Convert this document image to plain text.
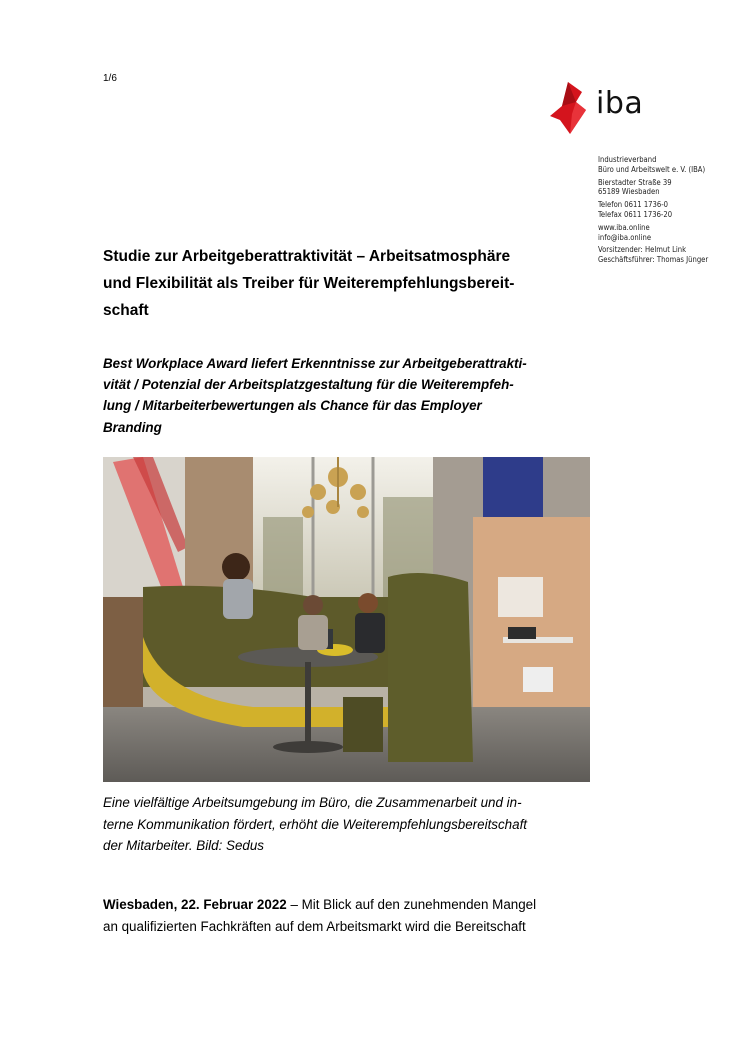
1/6
iba
Industrieverband
Büro und Arbeitswelt e. V. (IBA)
Bierstadter Straße 39
65189 Wiesbaden
Telefon 0611 1736-0
Telefax 0611 1736-20
www.iba.online
info@iba.online
Vorsitzender: Helmut Link
Geschäftsführer: Thomas Jünger
Studie zur Arbeitgeberattraktivität – Arbeitsatmosphäre
und Flexibilität als Treiber für Weiterempfehlungsbereit-
schaft

Best Workplace Award liefert Erkenntnisse zur Arbeitgeberattrakti-
vität / Potenzial der Arbeitsplatzgestaltung für die Weiterempfeh-
lung / Mitarbeiterbewertungen als Chance für das Employer
Branding

Eine vielfältige Arbeitsumgebung im Büro, die Zusammenarbeit und in-
terne Kommunikation fördert, erhöht die Weiterempfehlungsbereitschaft
der Mitarbeiter. Bild: Sedus

Wiesbaden, 22. Februar 2022 – Mit Blick auf den zunehmenden Mangel
an qualifizierten Fachkräften auf dem Arbeitsmarkt wird die Bereitschaft
